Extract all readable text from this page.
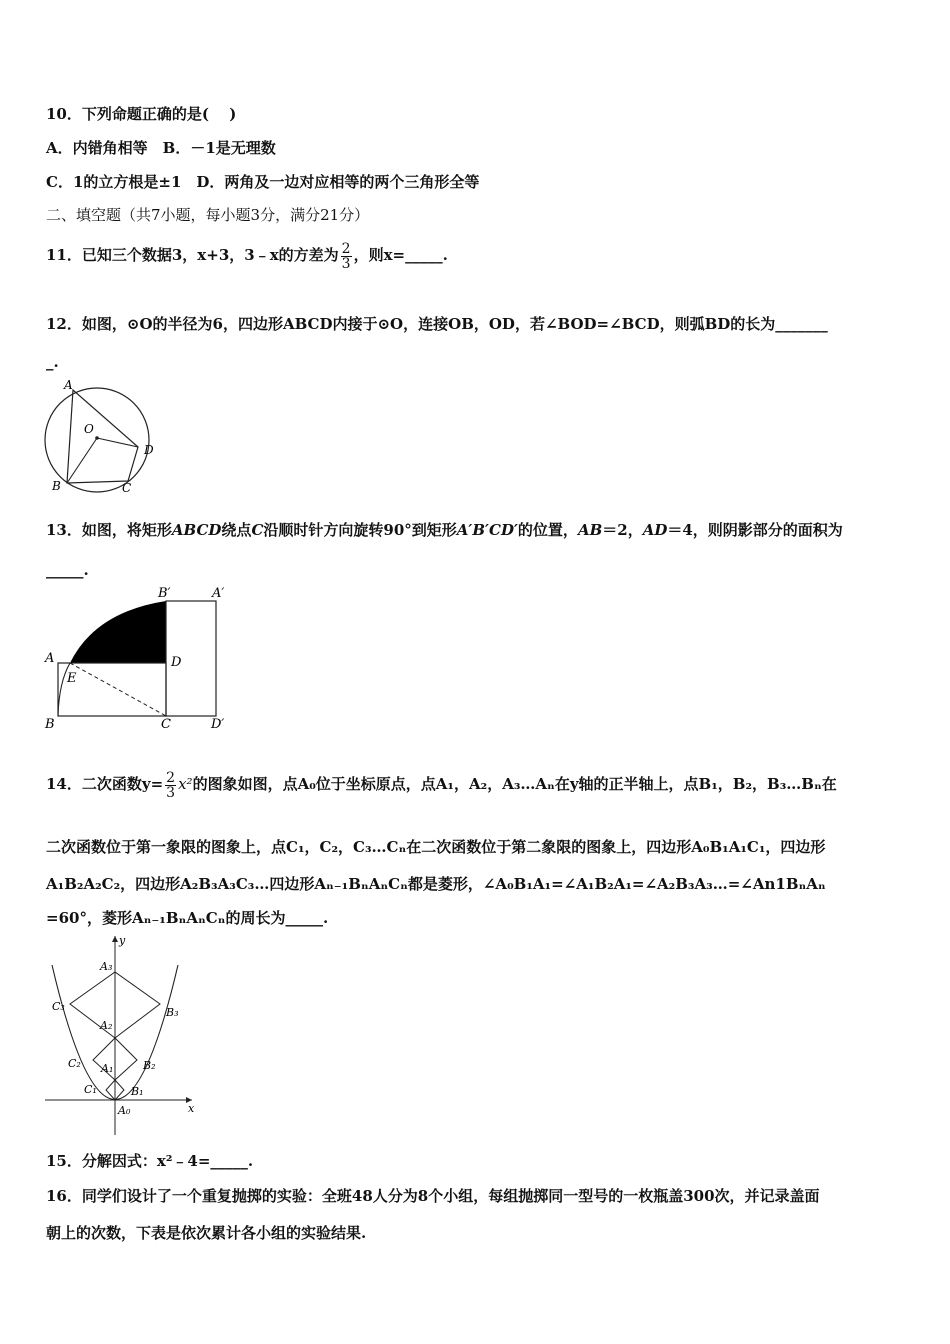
10．下列命题正确的是(　 )
A．内错角相等　B．－1是无理数
C．1的立方根是±1　D．两角及一边对应相等的两个三角形全等
二、填空题（共7小题，每小题3分，满分21分）
11．已知三个数据3，x+3，3﹣x的方差为 $\frac{2}{3}$ ，则x=_____.
12．如图，⊙O的半径为6，四边形ABCD内接于⊙O，连接OB，OD，若∠BOD=∠BCD，则弧BD的长为_______
_.
A
O
D
B	C
13．如图，将矩形ABCD绕点C沿顺时针方向旋转90°到矩形A′B′CD′的位置，AB＝2，AD＝4，则阴影部分的面积为
_____.
B′	A′
A	D
E
B	C	D′
14．二次函数$y= \frac{2}{3} x^2$的图象如图，点A₀位于坐标原点，点A₁，A₂，A₃…Aₙ在y轴的正半轴上，点B₁，B₂，B₃…Bₙ在
二次函数位于第一象限的图象上，点C₁，C₂，C₃…Cₙ在二次函数位于第二象限的图象上，四边形A₀B₁A₁C₁，四边形
A₁B₂A₂C₂，四边形A₂B₃A₃C₃…四边形Aₙ₋₁BₙAₙCₙ都是菱形，∠A₀B₁A₁=∠A₁B₂A₁=∠A₂B₃A₃…=∠An1BₙAₙ
=60°，菱形Aₙ₋₁BₙAₙCₙ的周长为_____.
y
x
A₃
C₃	B₃
A₂
C₂	B₂
A₁
C₁	B₁
A₀
15．分解因式：x²﹣4=_____.
16．同学们设计了一个重复抛掷的实验：全班48人分为8个小组，每组抛掷同一型号的一枚瓶盖300次，并记录盖面
朝上的次数，下表是依次累计各小组的实验结果.
